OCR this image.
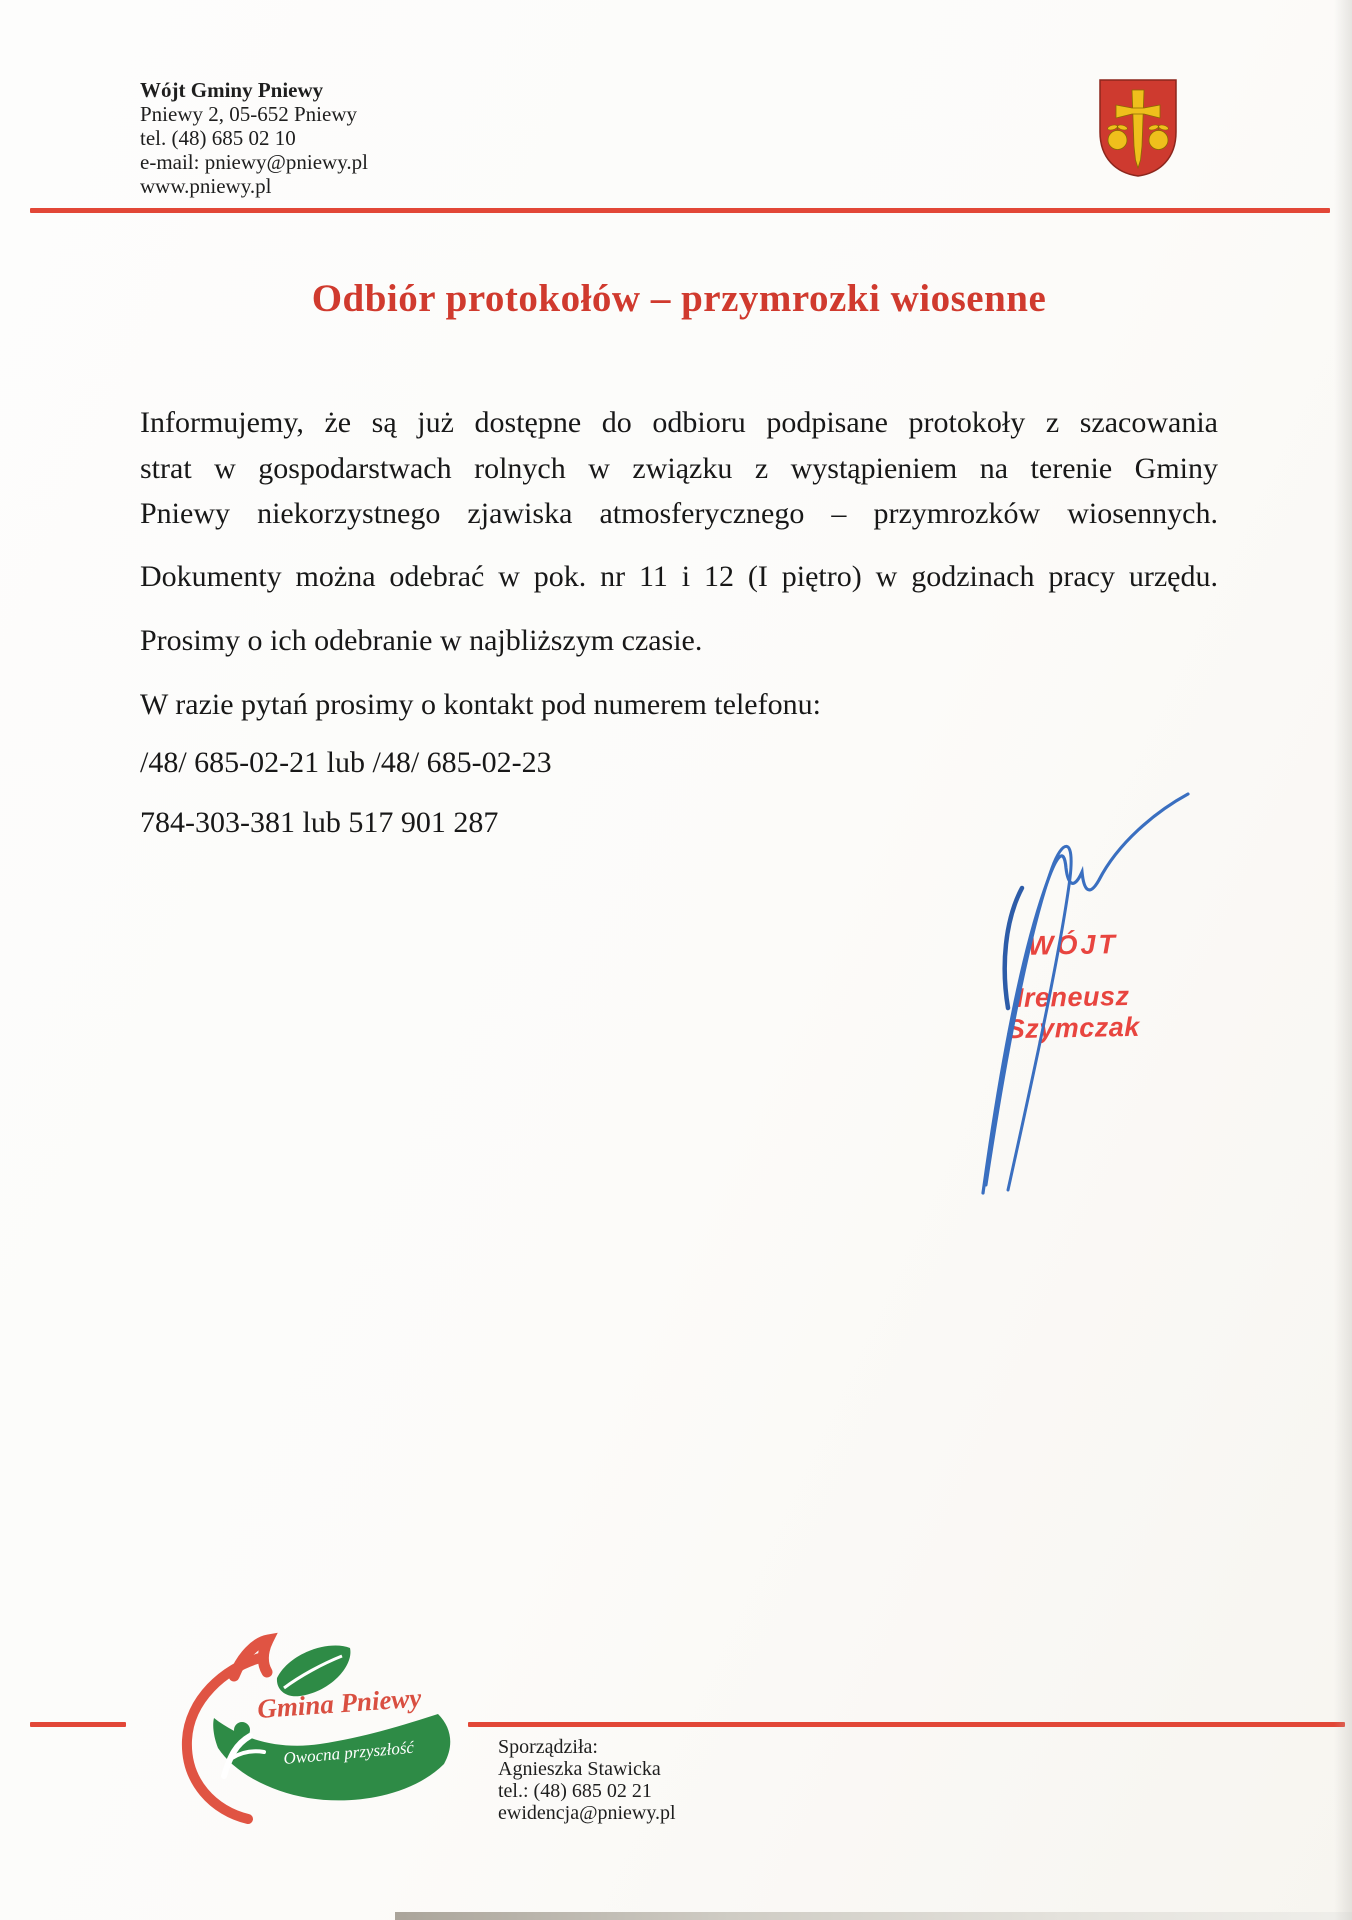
Wójt Gminy Pniewy
Pniewy 2, 05-652 Pniewy
tel. (48) 685 02 10
e-mail: pniewy@pniewy.pl
www.pniewy.pl
Odbiór protokołów – przymrozki wiosenne
Informujemy, że są już dostępne do odbioru podpisane protokoły z szacowania
strat w gospodarstwach rolnych w związku z wystąpieniem na terenie Gminy
Pniewy niekorzystnego zjawiska atmosferycznego – przymrozków wiosennych.
Dokumenty można odebrać w pok. nr 11 i 12 (I piętro) w godzinach pracy urzędu.
Prosimy o ich odebranie w najbliższym czasie.
W razie pytań prosimy o kontakt pod numerem telefonu:
/48/ 685-02-21 lub /48/ 685-02-23
784-303-381 lub 517 901 287
WÓJT
Ireneusz Szymczak
Gmina Pniewy
Owocna przyszłość	Sporządziła:
Agnieszka Stawicka
tel.: (48) 685 02 21
ewidencja@pniewy.pl
